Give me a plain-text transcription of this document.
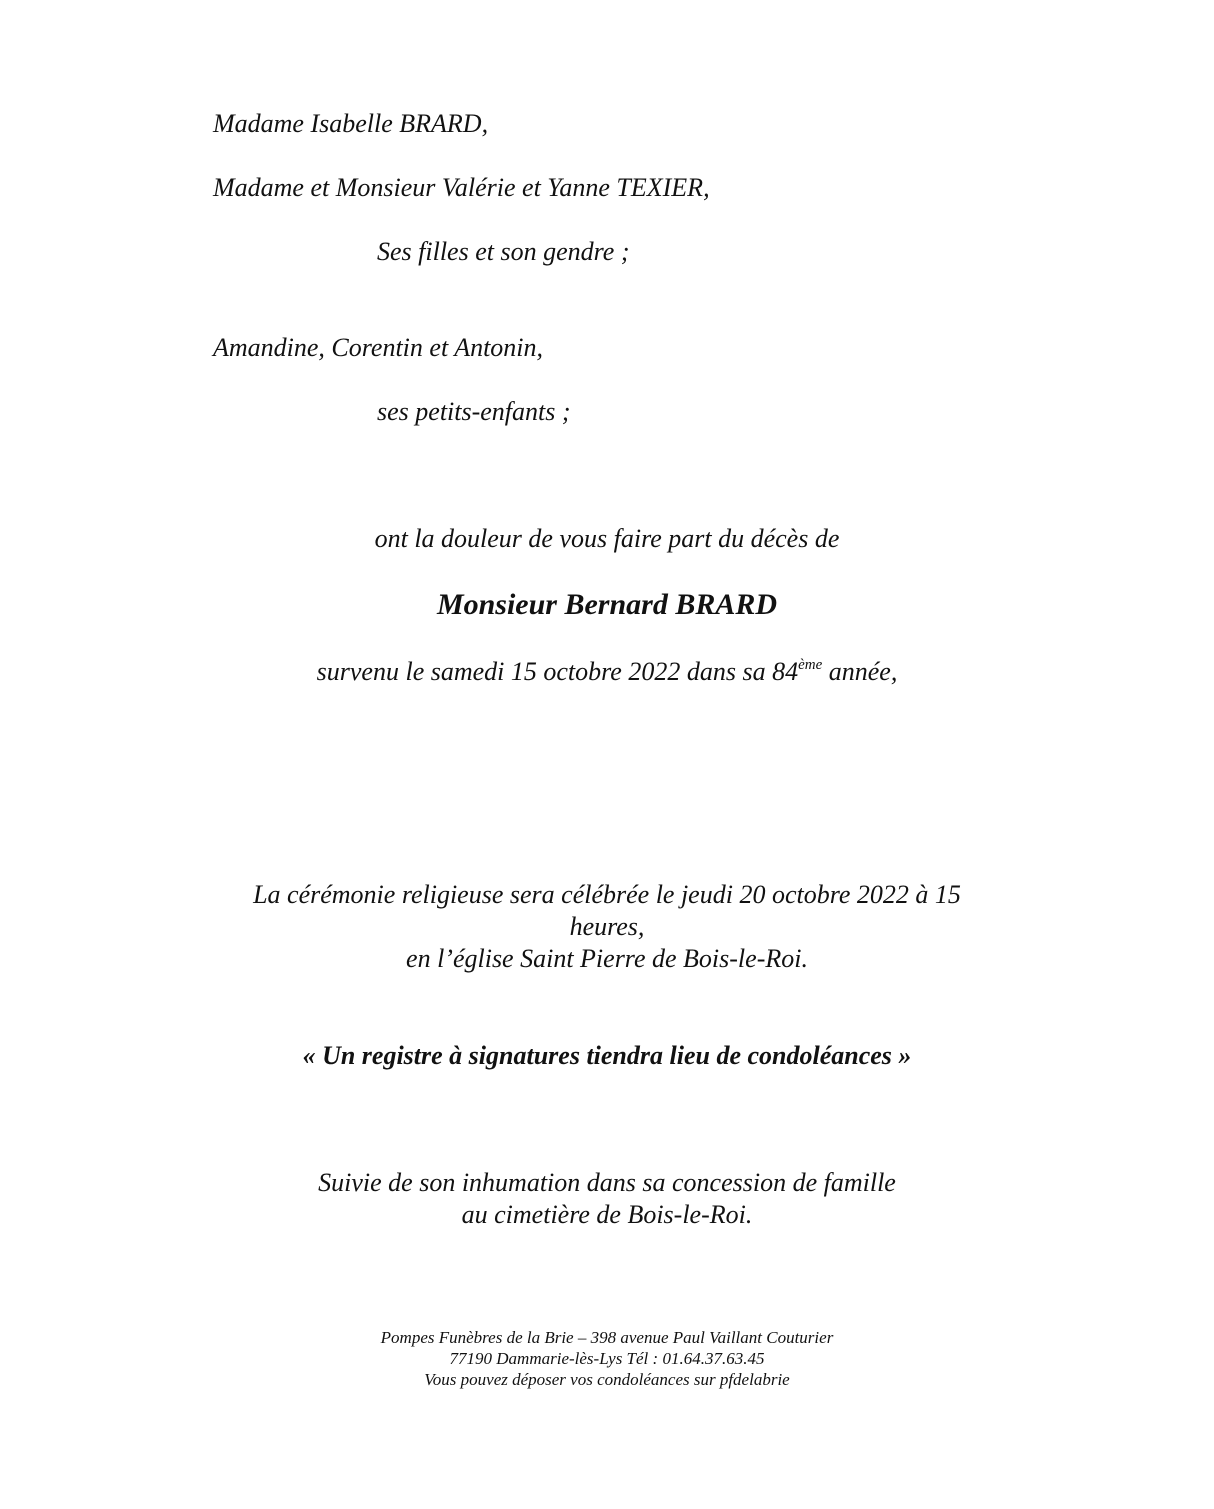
Madame Isabelle BRARD,

Madame et Monsieur Valérie et Yanne TEXIER,

Ses filles et son gendre ;

Amandine, Corentin et Antonin,

ses petits-enfants ;

ont la douleur de vous faire part du décès de

Monsieur Bernard BRARD

survenu le samedi 15 octobre 2022 dans sa 84ème année,

La cérémonie religieuse sera célébrée le jeudi 20 octobre 2022 à 15
heures,
en l’église Saint Pierre de Bois-le-Roi.

« Un registre à signatures tiendra lieu de condoléances »

Suivie de son inhumation dans sa concession de famille
au cimetière de Bois-le-Roi.
Pompes Funèbres de la Brie – 398 avenue Paul Vaillant Couturier
77190 Dammarie-lès-Lys Tél : 01.64.37.63.45
Vous pouvez déposer vos condoléances sur pfdelabrie
